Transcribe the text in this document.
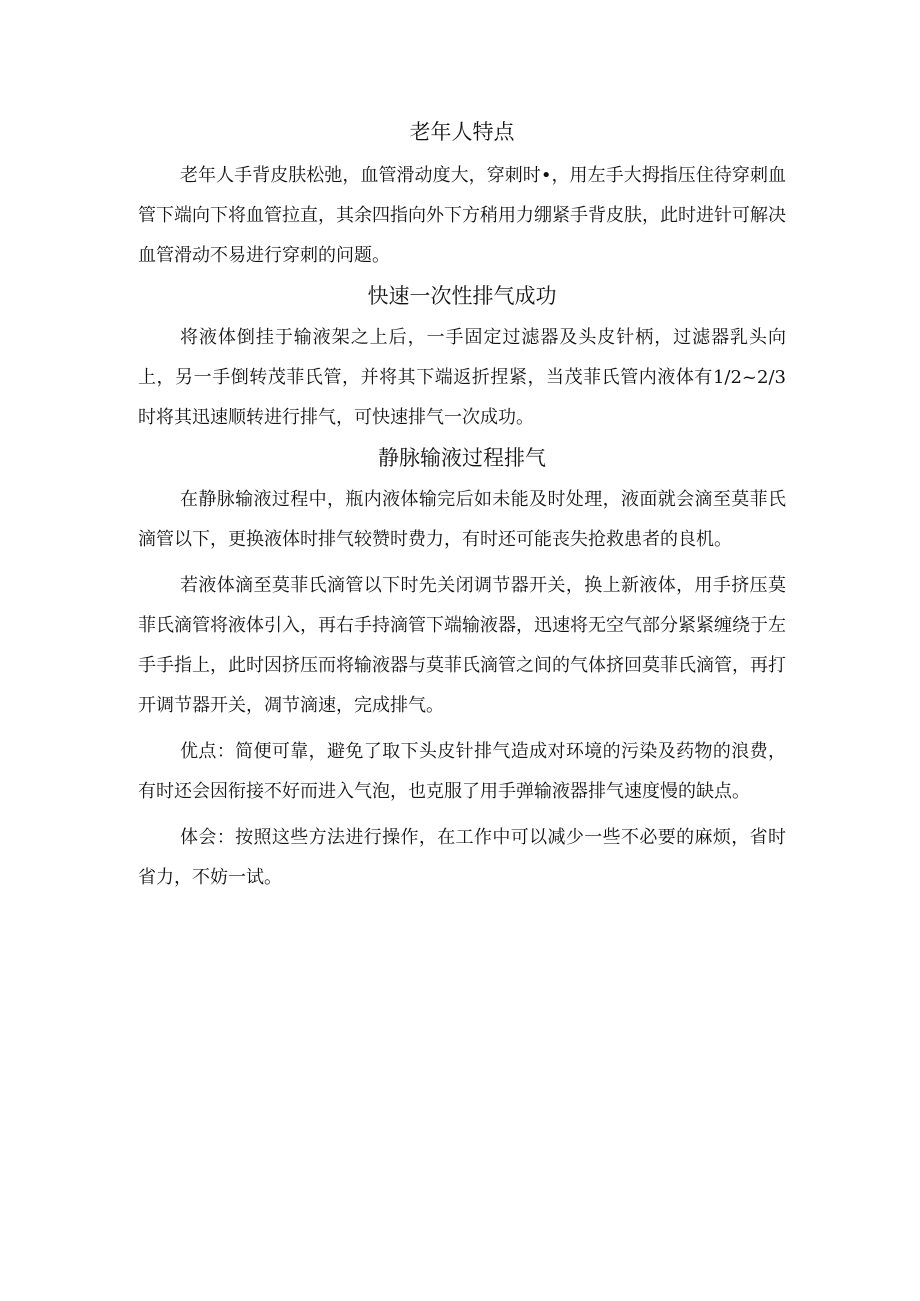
老年人特点

老年人手背皮肤松弛，血管滑动度大，穿刺时•，用左手大拇指压住待穿刺血管下端向下将血管拉直，其余四指向外下方稍用力绷紧手背皮肤，此时进针可解决血管滑动不易进行穿刺的问题。

快速一次性排气成功

将液体倒挂于输液架之上后，一手固定过滤器及头皮针柄，过滤器乳头向上，另一手倒转茂菲氏管，并将其下端返折捏紧，当茂菲氏管内液体有1/2~2/3时将其迅速顺转进行排气，可快速排气一次成功。

静脉输液过程排气

在静脉输液过程中，瓶内液体输完后如未能及时处理，液面就会滴至莫菲氏滴管以下，更换液体时排气较赞时费力，有时还可能丧失抢救患者的良机。

若液体滴至莫菲氏滴管以下时先关闭调节器开关，换上新液体，用手挤压莫菲氏滴管将液体引入，再右手持滴管下端输液器，迅速将无空气部分紧紧缠绕于左手手指上，此时因挤压而将输液器与莫菲氏滴管之间的气体挤回莫菲氏滴管，再打开调节器开关，凋节滴速，完成排气。

优点：简便可靠，避免了取下头皮针排气造成对环境的污染及药物的浪费，有时还会因衔接不好而进入气泡，也克服了用手弹输液器排气速度慢的缺点。

体会：按照这些方法进行操作，在工作中可以减少一些不必要的麻烦，省时省力，不妨一试。
